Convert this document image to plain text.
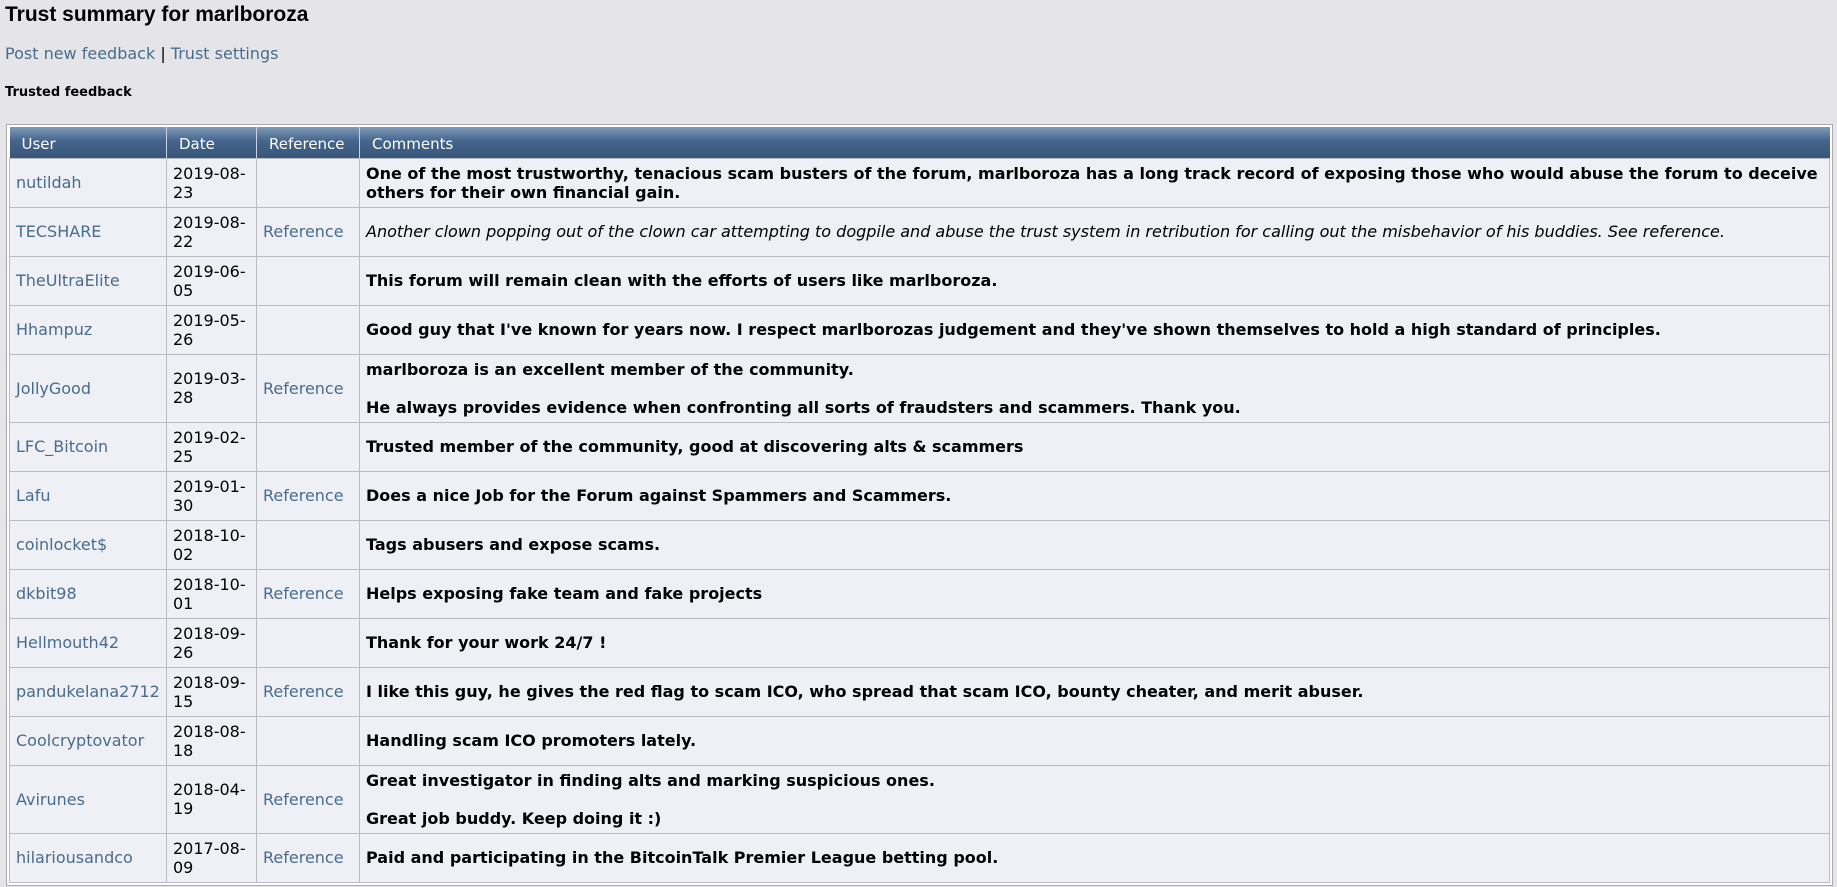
Trust summary for marlboroza
Post new feedback | Trust settings
Trusted feedback
User	Date	Reference	Comments
nutildah	2019-08-23		One of the most trustworthy, tenacious scam busters of the forum, marlboroza has a long track record of exposing those who would abuse the forum to deceive others for their own financial gain.

TECSHARE	2019-08-22	Reference	Another clown popping out of the clown car attempting to dogpile and abuse the trust system in retribution for calling out the misbehavior of his buddies. See reference.

TheUltraElite	2019-06-05		This forum will remain clean with the efforts of users like marlboroza.

Hhampuz	2019-05-26		Good guy that I've known for years now. I respect marlborozas judgement and they've shown themselves to hold a high standard of principles.

JollyGood	2019-03-28	Reference	marlboroza is an excellent member of the community.

He always provides evidence when confronting all sorts of fraudsters and scammers. Thank you.

LFC_Bitcoin	2019-02-25		Trusted member of the community, good at discovering alts & scammers

Lafu	2019-01-30	Reference	Does a nice Job for the Forum against Spammers and Scammers.

coinlocket$	2018-10-02		Tags abusers and expose scams.

dkbit98	2018-10-01	Reference	Helps exposing fake team and fake projects

Hellmouth42	2018-09-26		Thank for your work 24/7 !

pandukelana2712	2018-09-15	Reference	I like this guy, he gives the red flag to scam ICO, who spread that scam ICO, bounty cheater, and merit abuser.

Coolcryptovator	2018-08-18		Handling scam ICO promoters lately.

Avirunes	2018-04-19	Reference	Great investigator in finding alts and marking suspicious ones.

Great job buddy. Keep doing it :)

hilariousandco	2017-08-09	Reference	Paid and participating in the BitcoinTalk Premier League betting pool.
